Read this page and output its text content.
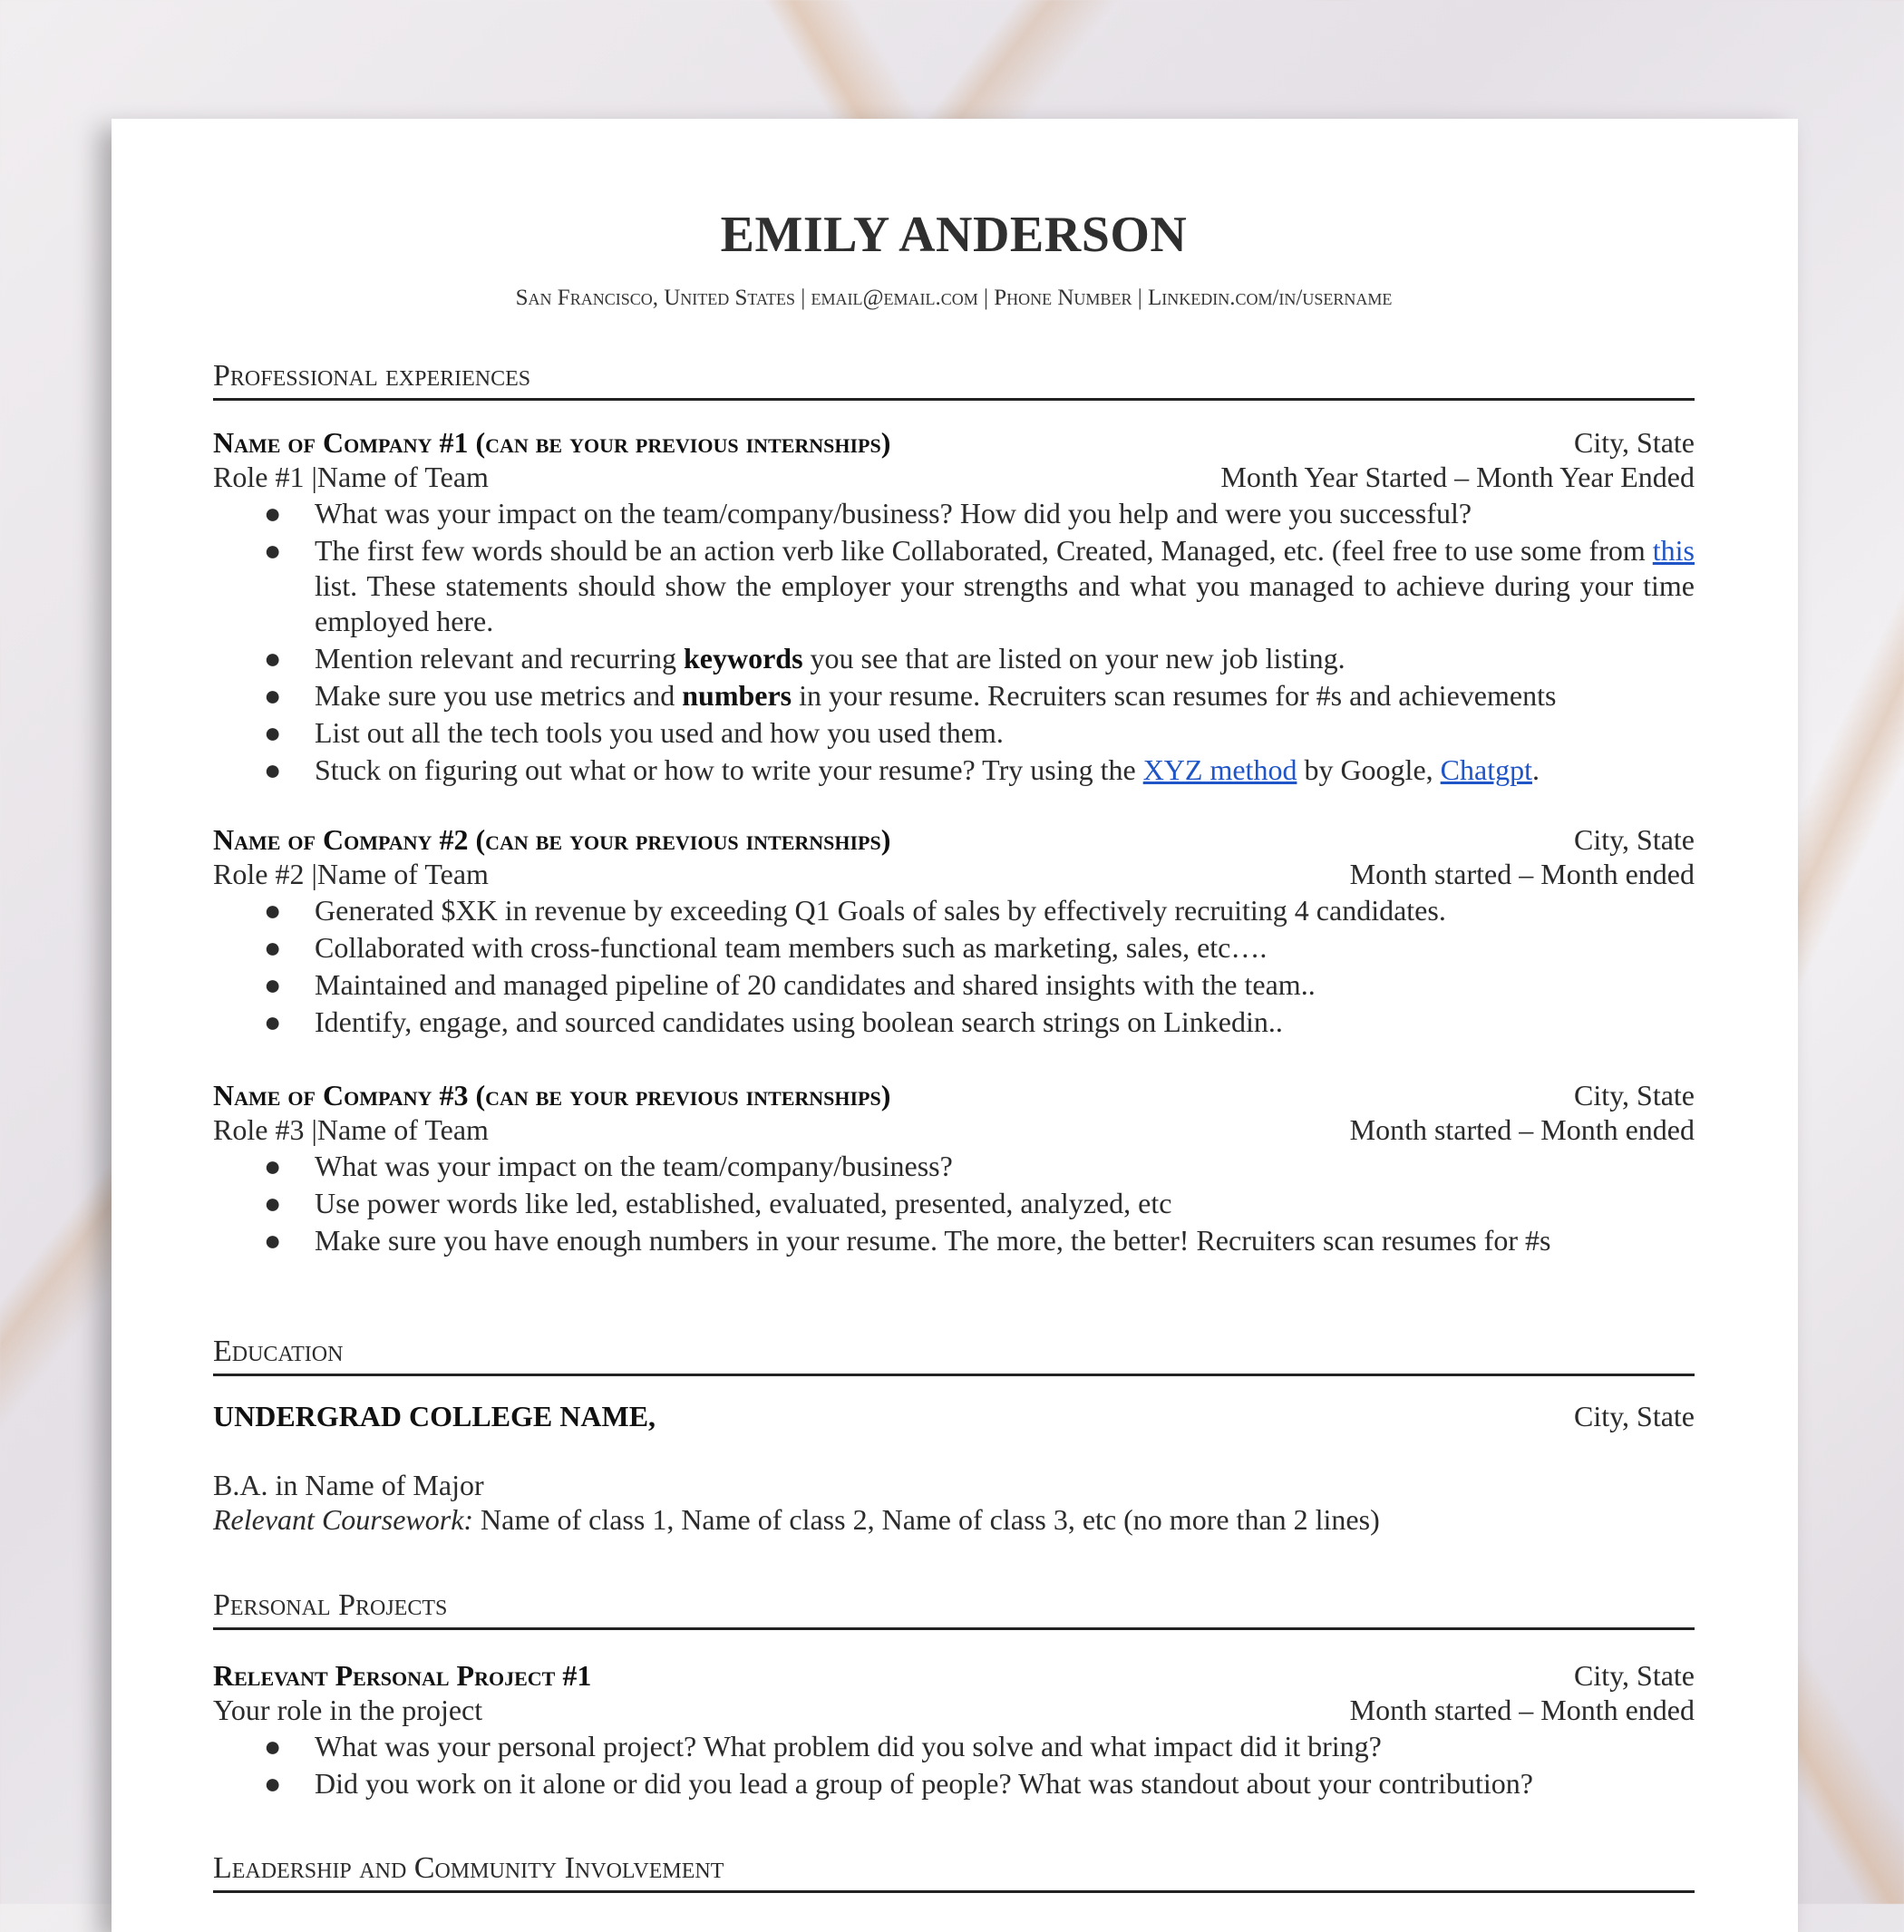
EMILY ANDERSON
San Francisco, United States | email@email.com | Phone Number | Linkedin.com/in/username
Professional experiences
Name of Company #1 (can be your previous internships)	City, State
Role #1 |Name of Team	Month Year Started – Month Year Ended
● What was your impact on the team/company/business? How did you help and were you successful?
● The first few words should be an action verb like Collaborated, Created, Managed, etc. (feel free to use some from this list. These statements should show the employer your strengths and what you managed to achieve during your time employed here.
● Mention relevant and recurring keywords you see that are listed on your new job listing.
● Make sure you use metrics and numbers in your resume. Recruiters scan resumes for #s and achievements
● List out all the tech tools you used and how you used them.
● Stuck on figuring out what or how to write your resume? Try using the XYZ method by Google, Chatgpt.
Name of Company #2 (can be your previous internships)	City, State
Role #2 |Name of Team	Month started – Month ended
● Generated $XK in revenue by exceeding Q1 Goals of sales by effectively recruiting 4 candidates.
● Collaborated with cross-functional team members such as marketing, sales, etc….
● Maintained and managed pipeline of 20 candidates and shared insights with the team..
● Identify, engage, and sourced candidates using boolean search strings on Linkedin..
Name of Company #3 (can be your previous internships)	City, State
Role #3 |Name of Team	Month started – Month ended
● What was your impact on the team/company/business?
● Use power words like led, established, evaluated, presented, analyzed, etc
● Make sure you have enough numbers in your resume. The more, the better! Recruiters scan resumes for #s
Education
UNDERGRAD COLLEGE NAME,	City, State
B.A. in Name of Major
Relevant Coursework: Name of class 1, Name of class 2, Name of class 3, etc (no more than 2 lines)
Personal Projects
Relevant Personal Project #1	City, State
Your role in the project	Month started – Month ended
● What was your personal project? What problem did you solve and what impact did it bring?
● Did you work on it alone or did you lead a group of people? What was standout about your contribution?
Leadership and Community Involvement
